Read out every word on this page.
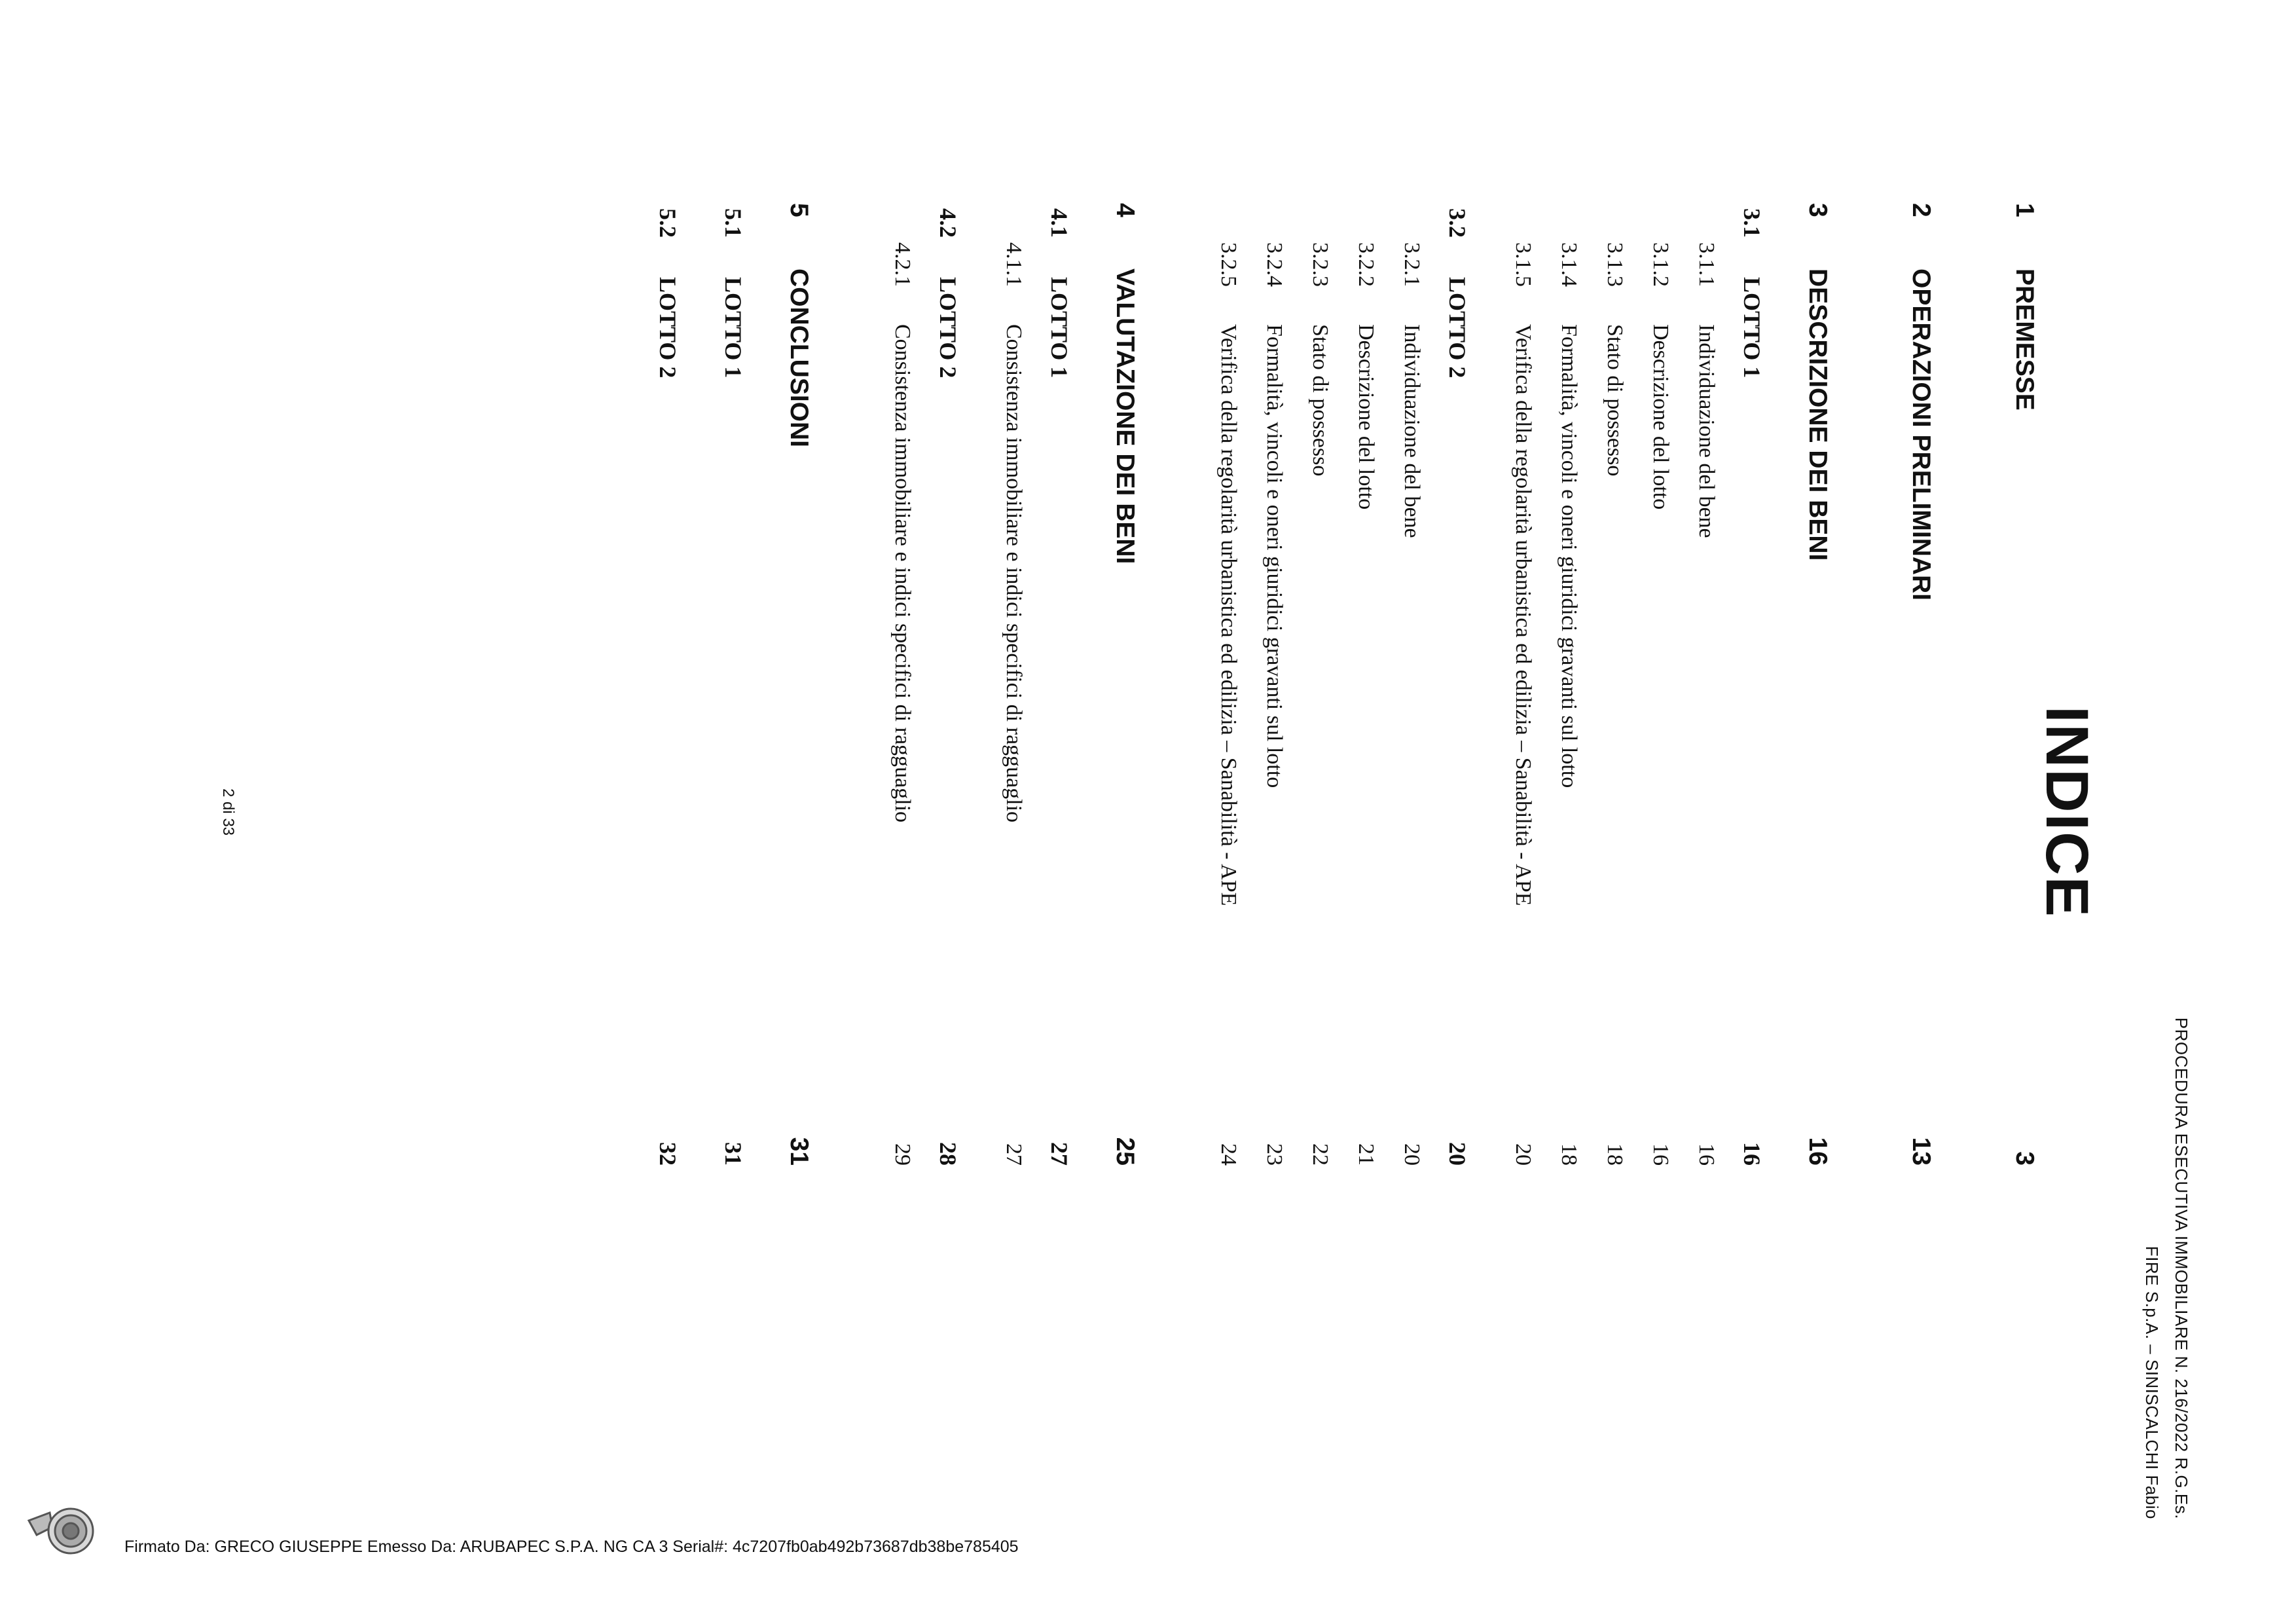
PROCEDURA ESECUTIVA IMMOBILIARE N. 216/2022 R.G.Es.
FIRE S.p.A. – SINISCALCHI Fabio
INDICE
1
PREMESSE
3
2
OPERAZIONI PRELIMINARI
13
3
DESCRIZIONE DEI BENI
16
3.1
LOTTO 1
16
3.1.1
Individuazione del bene
16
3.1.2
Descrizione del lotto
16
3.1.3
Stato di possesso
18
3.1.4
Formalità, vincoli e oneri giuridici gravanti sul lotto
18
3.1.5
Verifica della regolarità urbanistica ed edilizia – Sanabilità - APE
20
3.2
LOTTO 2
20
3.2.1
Individuazione del bene
20
3.2.2
Descrizione del lotto
21
3.2.3
Stato di possesso
22
3.2.4
Formalità, vincoli e oneri giuridici gravanti sul lotto
23
3.2.5
Verifica della regolarità urbanistica ed edilizia – Sanabilità - APE
24
4
VALUTAZIONE DEI BENI
25
4.1
LOTTO 1
27
4.1.1
Consistenza immobiliare e indici specifici di ragguaglio
27
4.2
LOTTO 2
28
4.2.1
Consistenza immobiliare e indici specifici di ragguaglio
29
5
CONCLUSIONI
31
5.1
LOTTO 1
31
5.2
LOTTO 2
32
2 di 33
Firmato Da: GRECO GIUSEPPE Emesso Da: ARUBAPEC S.P.A. NG CA 3 Serial#: 4c7207fb0ab492b73687db38be785405
